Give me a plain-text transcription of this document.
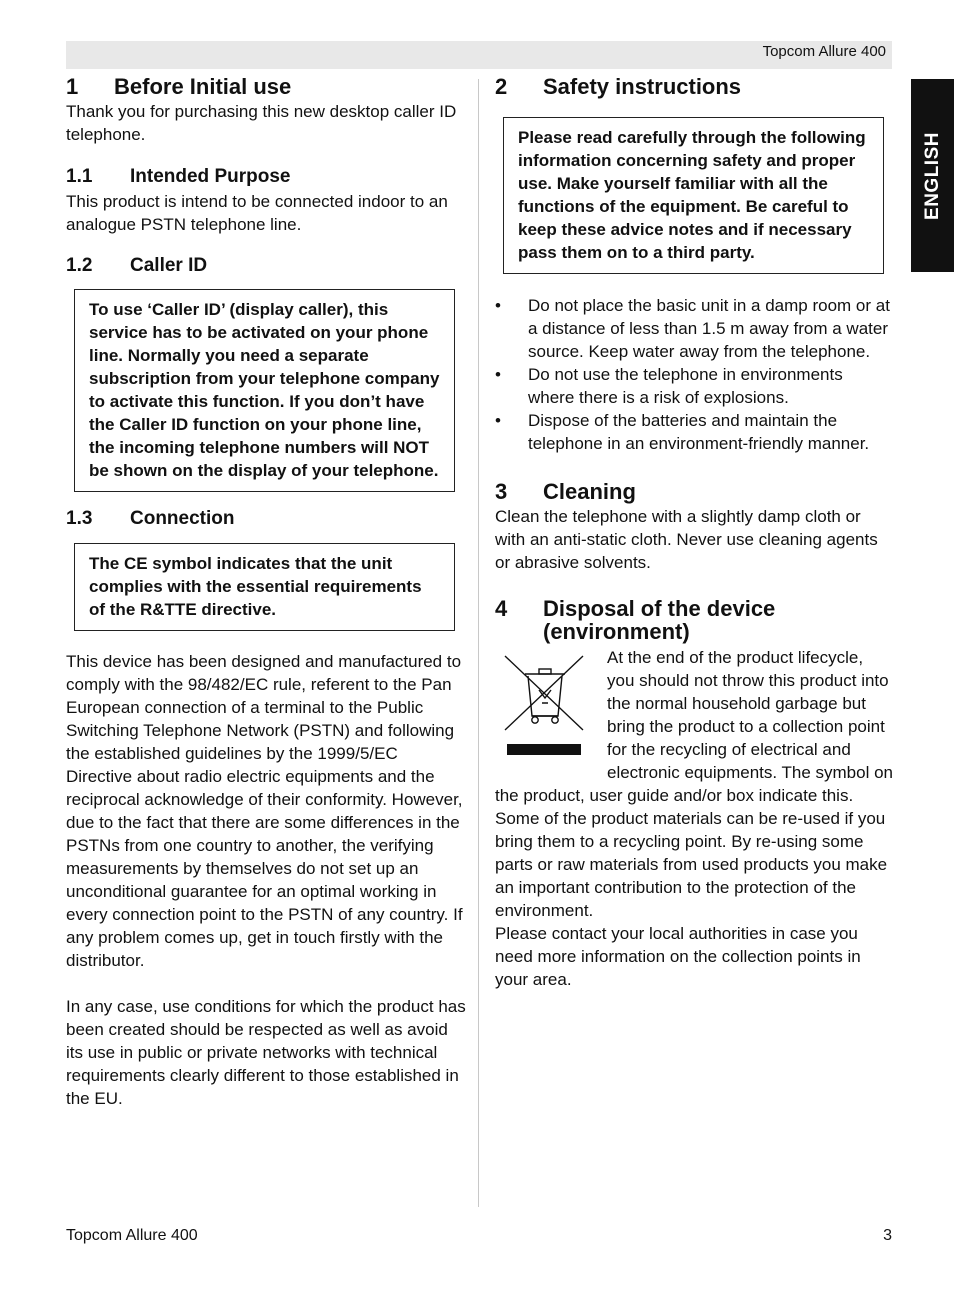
Topcom Allure 400
ENGLISH
1	Before Initial use

Thank you for purchasing this new desktop caller ID telephone.

1.1	Intended Purpose

This product is intend to be connected indoor to an analogue PSTN telephone line.

1.2	Caller ID
To use ‘Caller ID’ (display caller), this service has to be activated on your phone line. Normally you need a separate subscription from your telephone company to activate this function. If you don’t have the Caller ID function on your phone line, the incoming telephone numbers will NOT be shown on the display of your telephone.
1.3	Connection
The CE symbol indicates that the unit complies with the essential requirements of the R&TTE directive.

This device has been designed and manufactured to comply with the 98/482/EC rule, referent to the Pan European connection of a terminal to the Public Switching Telephone Network (PSTN) and following the established guidelines by the 1999/5/EC Directive about radio electric equipments and the reciprocal acknowledge of their conformity. However, due to the fact that there are some differences in the PSTNs from one country to another, the verifying measurements by themselves do not set up an unconditional guarantee for an optimal working in every connection point to the PSTN of any country. If any problem comes up, get in touch firstly with the distributor.

In any case, use conditions for which the product has been created should be respected as well as avoid its use in public or private networks with technical requirements clearly different to those established in the EU.

2	Safety instructions
Please read carefully through the following information concerning safety and proper use. Make yourself familiar with all the functions of the equipment. Be careful to keep these advice notes and if necessary pass them on to a third party.
• Do not place the basic unit in a damp room or at a distance of less than 1.5 m away from a water source. Keep water away from the telephone.
• Do not use the telephone in environments where there is a risk of explosions.
• Dispose of the batteries and maintain the telephone in an environment-friendly manner.
3	Cleaning

Clean the telephone with a slightly damp cloth or with an anti-static cloth. Never use cleaning agents or abrasive solvents.

4	Disposal of the device
(environment)

At the end of the product lifecycle, you should not throw this product into the normal household garbage but bring the product to a collection point for the recycling of electrical and electronic equipments. The symbol on the product, user guide and/or box indicate this.

Some of the product materials can be re-used if you bring them to a recycling point. By re-using some parts or raw materials from used products you make an important contribution to the protection of the environment.

Please contact your local authorities in case you need more information on the collection points in your area.

Topcom Allure 400	3
